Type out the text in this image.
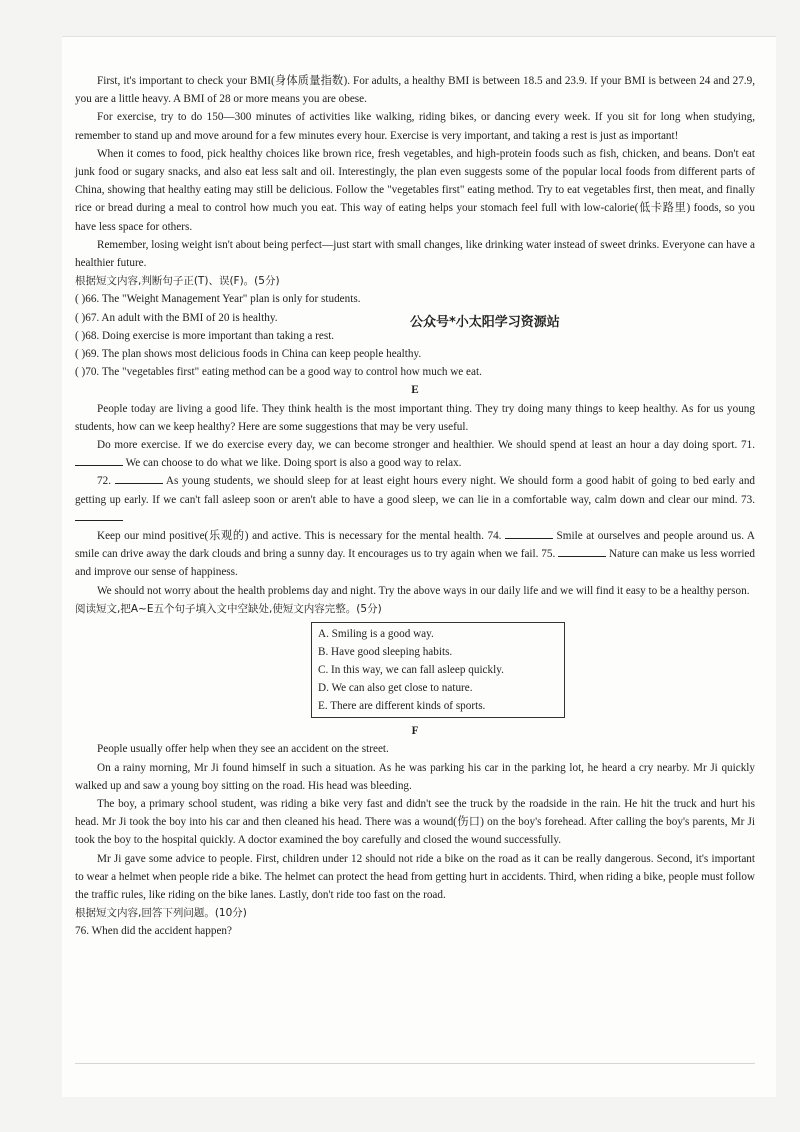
First, it's important to check your BMI(身体质量指数). For adults, a healthy BMI is between 18.5 and 23.9. If your BMI is between 24 and 27.9, you are a little heavy. A BMI of 28 or more means you are obese.

For exercise, try to do 150—300 minutes of activities like walking, riding bikes, or dancing every week. If you sit for long when studying, remember to stand up and move around for a few minutes every hour. Exercise is very important, and taking a rest is just as important!

When it comes to food, pick healthy choices like brown rice, fresh vegetables, and high-protein foods such as fish, chicken, and beans. Don't eat junk food or sugary snacks, and also eat less salt and oil. Interestingly, the plan even suggests some of the popular local foods from different parts of China, showing that healthy eating may still be delicious. Follow the "vegetables first" eating method. Try to eat vegetables first, then meat, and finally rice or bread during a meal to control how much you eat. This way of eating helps your stomach feel full with low-calorie(低卡路里) foods, so you have less space for others.

Remember, losing weight isn't about being perfect—just start with small changes, like drinking water instead of sweet drinks. Everyone can have a healthier future.

根据短文内容,判断句子正(T)、误(F)。(5分)

( )66. The "Weight Management Year" plan is only for students.

( )67. An adult with the BMI of 20 is healthy.

( )68. Doing exercise is more important than taking a rest.

( )69. The plan shows most delicious foods in China can keep people healthy.

( )70. The "vegetables first" eating method can be a good way to control how much we eat.

E

People today are living a good life. They think health is the most important thing. They try doing many things to keep healthy. As for us young students, how can we keep healthy? Here are some suggestions that may be very useful.

Do more exercise. If we do exercise every day, we can become stronger and healthier. We should spend at least an hour a day doing sport. 71.  We can choose to do what we like. Doing sport is also a good way to relax.

72.	As young students, we should sleep for at least eight hours every night. We should form a good habit of going to bed early and getting up early. If we can't fall asleep soon or aren't able to have a good sleep, we can lie in a comfortable way, calm down and clear our mind. 73.

Keep our mind positive(乐观的) and active. This is necessary for the mental health. 74.	Smile at ourselves and people around us. A smile can drive away the dark clouds and bring a sunny day. It encourages us to try again when we fail. 75.	Nature can make us less worried and improve our sense of happiness.

We should not worry about the health problems day and night. Try the above ways in our daily life and we will find it easy to be a healthy person.

阅读短文,把A~E五个句子填入文中空缺处,使短文内容完整。(5分)

A. Smiling is a good way.
B. Have good sleeping habits.
C. In this way, we can fall asleep quickly.
D. We can also get close to nature.
E. There are different kinds of sports.

F

People usually offer help when they see an accident on the street.

On a rainy morning, Mr Ji found himself in such a situation. As he was parking his car in the parking lot, he heard a cry nearby. Mr Ji quickly walked up and saw a young boy sitting on the road. His head was bleeding.

The boy, a primary school student, was riding a bike very fast and didn't see the truck by the roadside in the rain. He hit the truck and hurt his head. Mr Ji took the boy into his car and then cleaned his head. There was a wound(伤口) on the boy's forehead. After calling the boy's parents, Mr Ji took the boy to the hospital quickly. A doctor examined the boy carefully and closed the wound successfully.

Mr Ji gave some advice to people. First, children under 12 should not ride a bike on the road as it can be really dangerous. Second, it's important to wear a helmet when people ride a bike. The helmet can protect the head from getting hurt in accidents. Third, when riding a bike, people must follow the traffic rules, like riding on the bike lanes. Lastly, don't ride too fast on the road.

根据短文内容,回答下列问题。(10分)

76. When did the accident happen?

公众号*小太阳学习资源站
